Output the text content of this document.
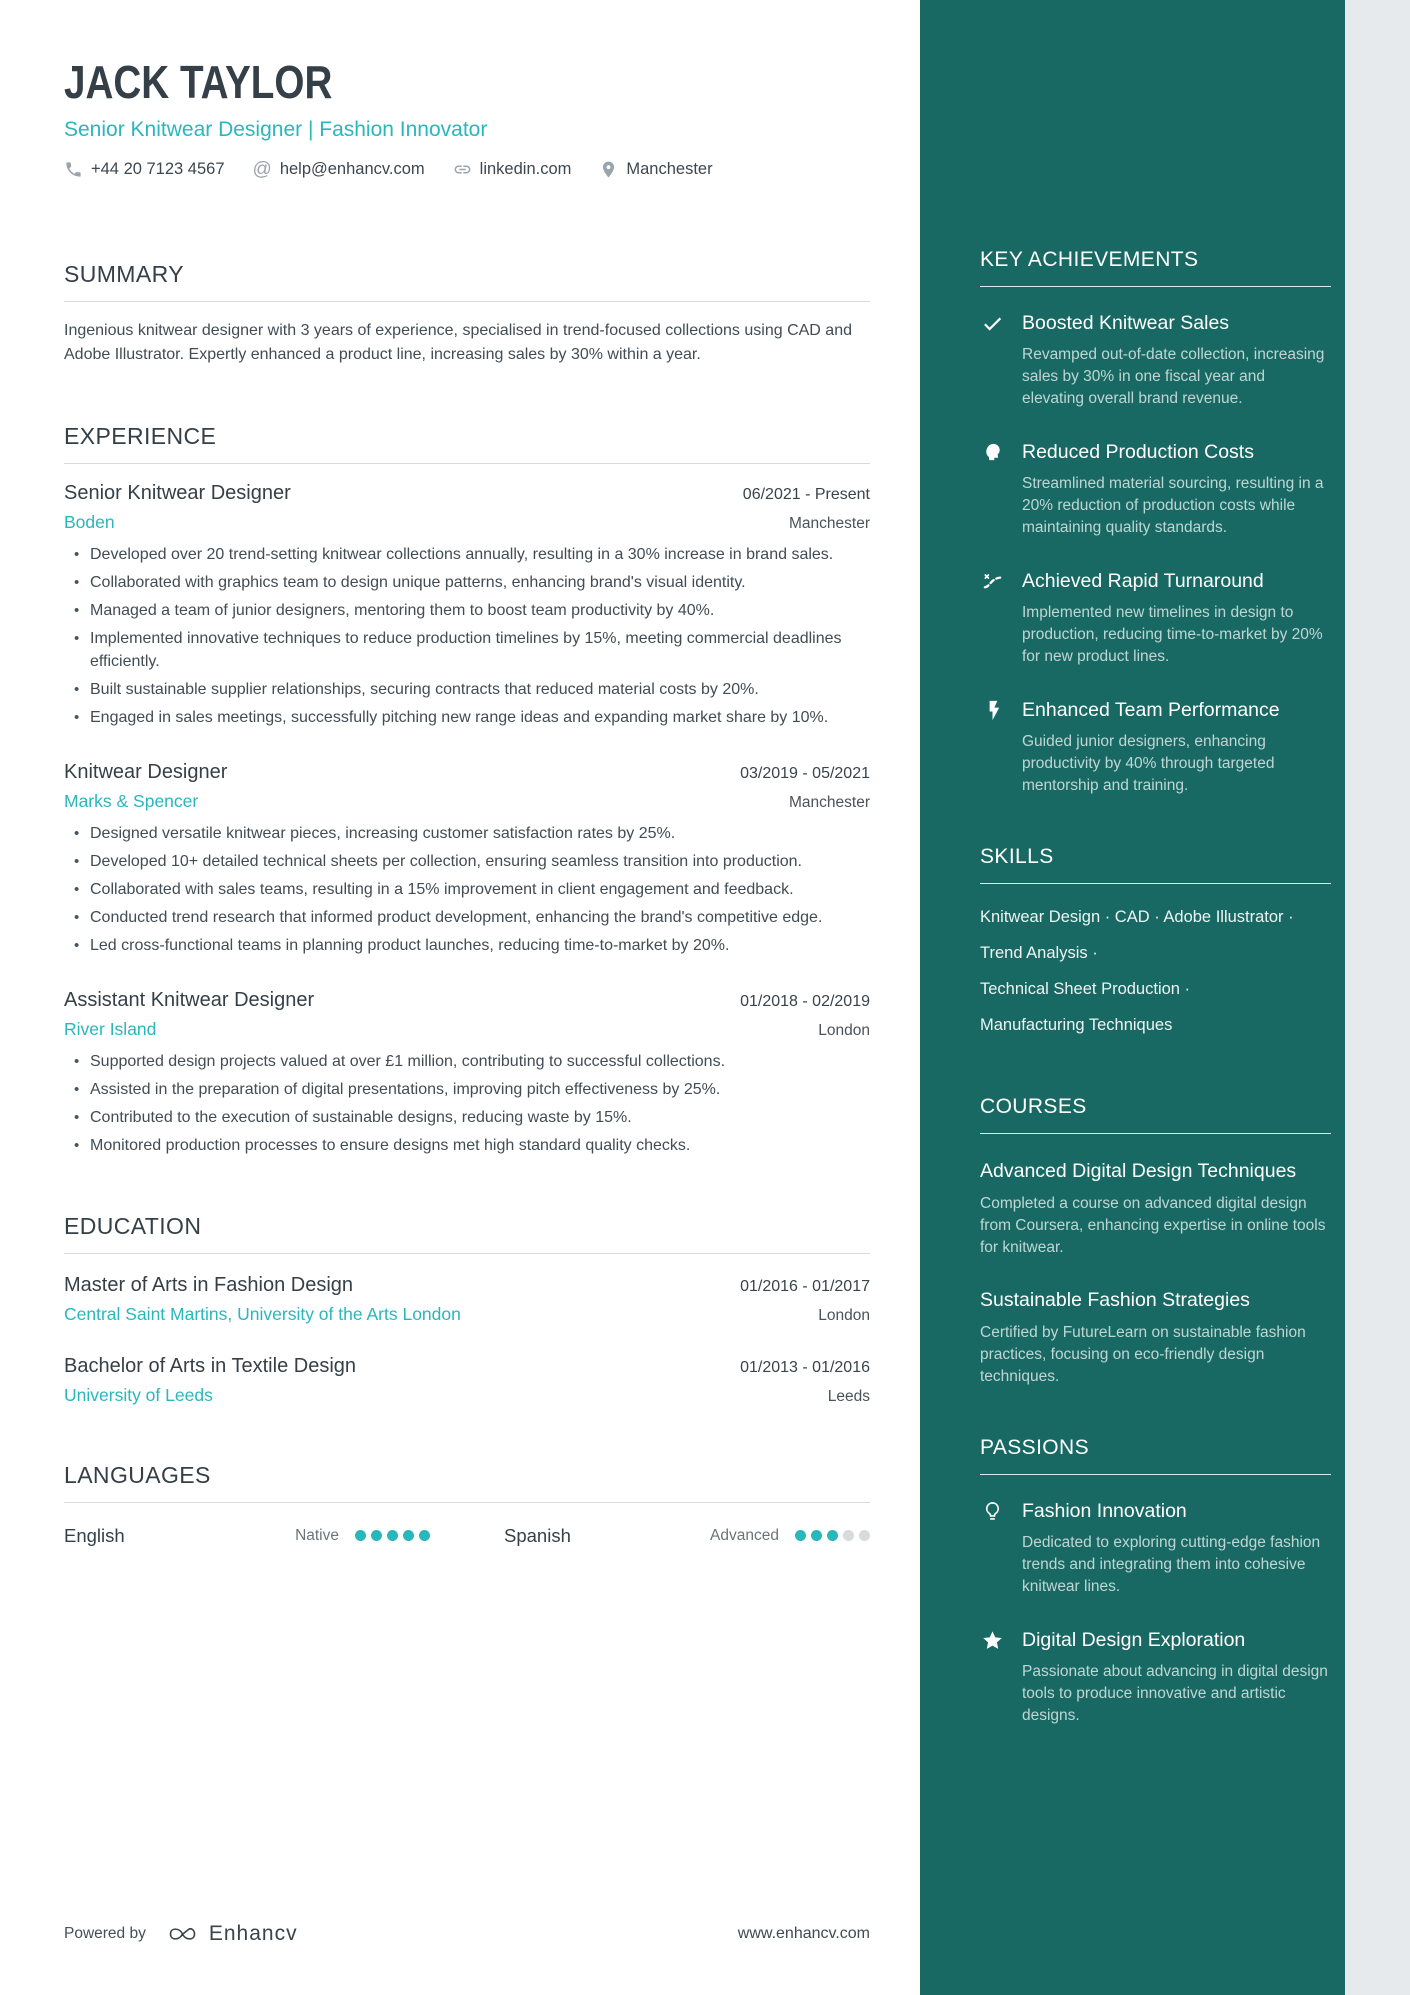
JACK TAYLOR
Senior Knitwear Designer | Fashion Innovator
+44 20 7123 4567 @ help@enhancv.com	linkedin.com	Manchester
SUMMARY

Ingenious knitwear designer with 3 years of experience, specialised in trend-focused collections using CAD and Adobe Illustrator. Expertly enhanced a product line, increasing sales by 30% within a year.

EXPERIENCE
Senior Knitwear Designer	06/2021 - Present
Boden	Manchester
• Developed over 20 trend-setting knitwear collections annually, resulting in a 30% increase in brand sales.
• Collaborated with graphics team to design unique patterns, enhancing brand's visual identity.
• Managed a team of junior designers, mentoring them to boost team productivity by 40%.
• Implemented innovative techniques to reduce production timelines by 15%, meeting commercial deadlines efficiently.
• Built sustainable supplier relationships, securing contracts that reduced material costs by 20%.
• Engaged in sales meetings, successfully pitching new range ideas and expanding market share by 10%.
Knitwear Designer	03/2019 - 05/2021
Marks & Spencer	Manchester
• Designed versatile knitwear pieces, increasing customer satisfaction rates by 25%.
• Developed 10+ detailed technical sheets per collection, ensuring seamless transition into production.
• Collaborated with sales teams, resulting in a 15% improvement in client engagement and feedback.
• Conducted trend research that informed product development, enhancing the brand's competitive edge.
• Led cross-functional teams in planning product launches, reducing time-to-market by 20%.
Assistant Knitwear Designer	01/2018 - 02/2019
River Island	London
• Supported design projects valued at over £1 million, contributing to successful collections.
• Assisted in the preparation of digital presentations, improving pitch effectiveness by 25%.
• Contributed to the execution of sustainable designs, reducing waste by 15%.
• Monitored production processes to ensure designs met high standard quality checks.
EDUCATION
Master of Arts in Fashion Design	01/2016 - 01/2017
Central Saint Martins, University of the Arts London	London
Bachelor of Arts in Textile Design	01/2013 - 01/2016
University of Leeds	Leeds
LANGUAGES
English	Native	Spanish	Advanced
Powered by	Enhancv	www.enhancv.com
KEY ACHIEVEMENTS
Boosted Knitwear Sales

Revamped out-of-date collection, increasing sales by 30% in one fiscal year and elevating overall brand revenue.

Reduced Production Costs

Streamlined material sourcing, resulting in a 20% reduction of production costs while maintaining quality standards.

Achieved Rapid Turnaround

Implemented new timelines in design to production, reducing time-to-market by 20% for new product lines.

Enhanced Team Performance

Guided junior designers, enhancing productivity by 40% through targeted mentorship and training.

SKILLS
Knitwear Design · CAD · Adobe Illustrator ·
Trend Analysis ·
Technical Sheet Production ·
Manufacturing Techniques
COURSES
Advanced Digital Design Techniques

Completed a course on advanced digital design from Coursera, enhancing expertise in online tools for knitwear.

Sustainable Fashion Strategies

Certified by FutureLearn on sustainable fashion practices, focusing on eco-friendly design techniques.

PASSIONS
Fashion Innovation

Dedicated to exploring cutting-edge fashion trends and integrating them into cohesive knitwear lines.

Digital Design Exploration

Passionate about advancing in digital design tools to produce innovative and artistic designs.
